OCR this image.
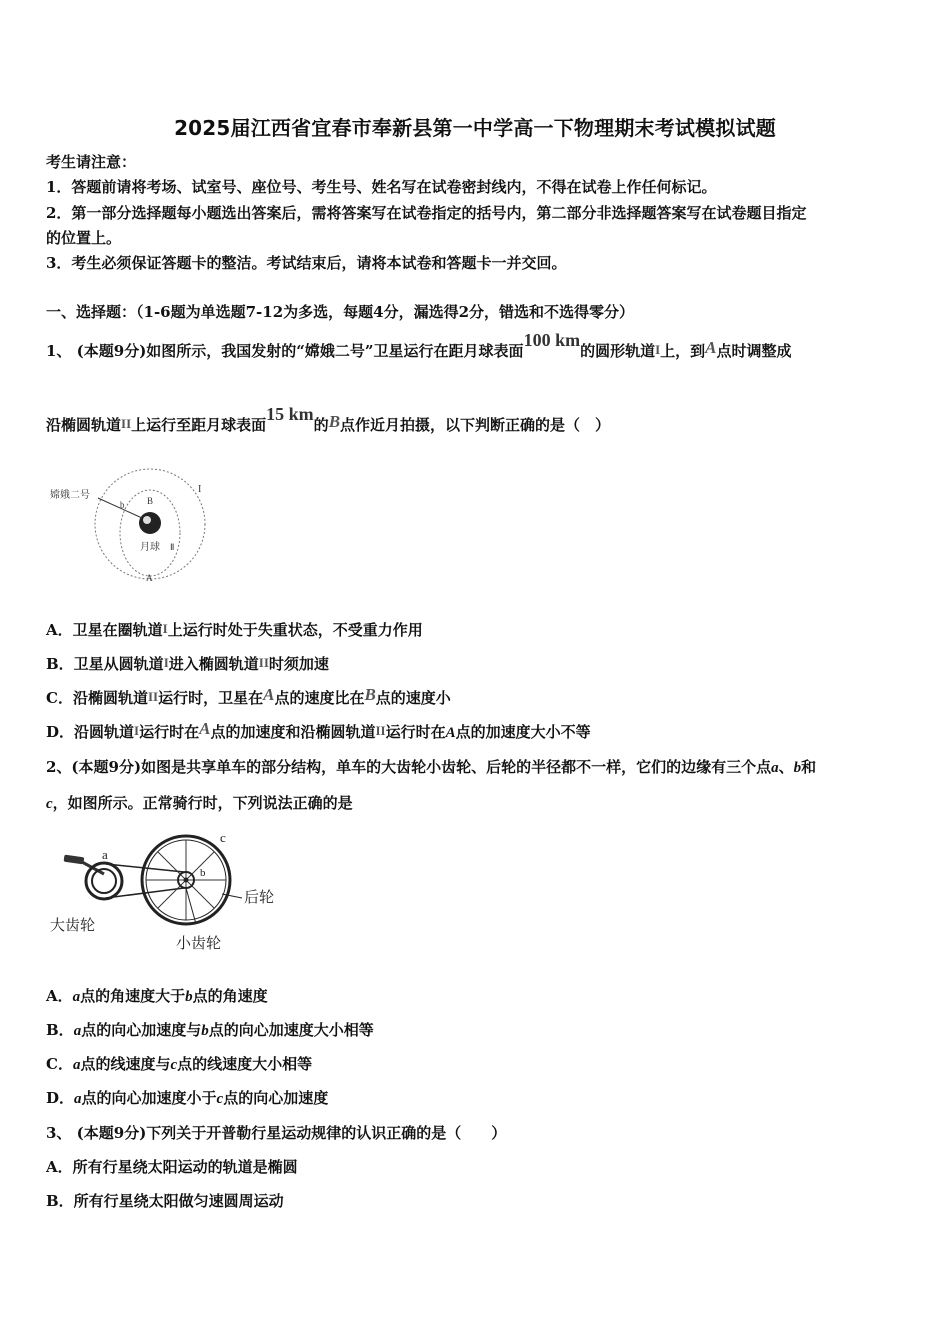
2025届江西省宜春市奉新县第一中学高一下物理期末考试模拟试题
考生请注意：
1．答题前请将考场、试室号、座位号、考生号、姓名写在试卷密封线内，不得在试卷上作任何标记。
2．第一部分选择题每小题选出答案后，需将答案写在试卷指定的括号内，第二部分非选择题答案写在试卷题目指定
的位置上。
3．考生必须保证答题卡的整洁。考试结束后，请将本试卷和答题卡一并交回。
一、选择题：（1-6题为单选题7-12为多选，每题4分，漏选得2分，错选和不选得零分）
1、 (本题9分)如图所示，我国发射的“嫦娥二号”卫星运行在距月球表面100 km的圆形轨道I上，到A点时调整成
沿椭圆轨道II上运行至距月球表面15 km的B点作近月拍摄，以下判断正确的是（　）
嫦娥二号
月球
I
Ⅱ
A
B
b
A．卫星在圈轨道I上运行时处于失重状态，不受重力作用
B．卫星从圆轨道I进入椭圆轨道II时须加速
C．沿椭圆轨道II运行时，卫星在A点的速度比在B点的速度小
D．沿圆轨道I运行时在A点的加速度和沿椭圆轨道II运行时在A点的加速度大小不等
2、(本题9分)如图是共享单车的部分结构，单车的大齿轮小齿轮、后轮的半径都不一样，它们的边缘有三个点a、b和
c，如图所示。正常骑行时，下列说法正确的是
a
b
c
后轮
大齿轮
小齿轮
A．a点的角速度大于b点的角速度
B．a点的向心加速度与b点的向心加速度大小相等
C．a点的线速度与c点的线速度大小相等
D．a点的向心加速度小于c点的向心加速度
3、 (本题9分)下列关于开普勒行星运动规律的认识正确的是（　　）
A．所有行星绕太阳运动的轨道是椭圆
B．所有行星绕太阳做匀速圆周运动
